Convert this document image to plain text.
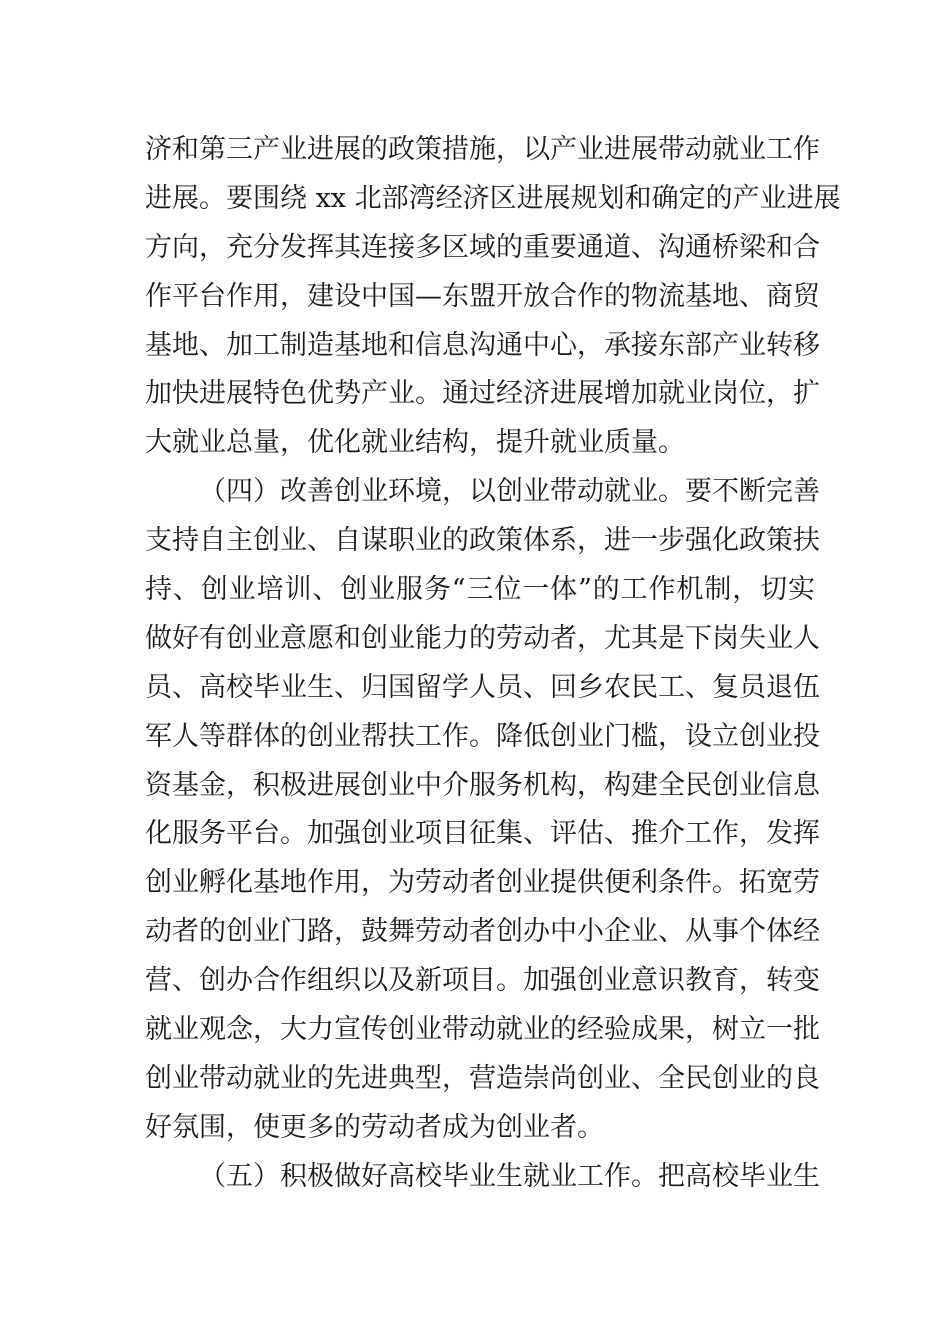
济和第三产业进展的政策措施，以产业进展带动就业工作
进展。要围绕 xx 北部湾经济区进展规划和确定的产业进展
方向，充分发挥其连接多区域的重要通道、沟通桥梁和合
作平台作用，建设中国—东盟开放合作的物流基地、商贸
基地、加工制造基地和信息沟通中心，承接东部产业转移
加快进展特色优势产业。通过经济进展增加就业岗位，扩
大就业总量，优化就业结构，提升就业质量。
（四）改善创业环境，以创业带动就业。要不断完善
支持自主创业、自谋职业的政策体系，进一步强化政策扶
持、创业培训、创业服务“三位一体”的工作机制，切实
做好有创业意愿和创业能力的劳动者，尤其是下岗失业人
员、高校毕业生、归国留学人员、回乡农民工、复员退伍
军人等群体的创业帮扶工作。降低创业门槛，设立创业投
资基金，积极进展创业中介服务机构，构建全民创业信息
化服务平台。加强创业项目征集、评估、推介工作，发挥
创业孵化基地作用，为劳动者创业提供便利条件。拓宽劳
动者的创业门路，鼓舞劳动者创办中小企业、从事个体经
营、创办合作组织以及新项目。加强创业意识教育，转变
就业观念，大力宣传创业带动就业的经验成果，树立一批
创业带动就业的先进典型，营造崇尚创业、全民创业的良
好氛围，使更多的劳动者成为创业者。
（五）积极做好高校毕业生就业工作。把高校毕业生
